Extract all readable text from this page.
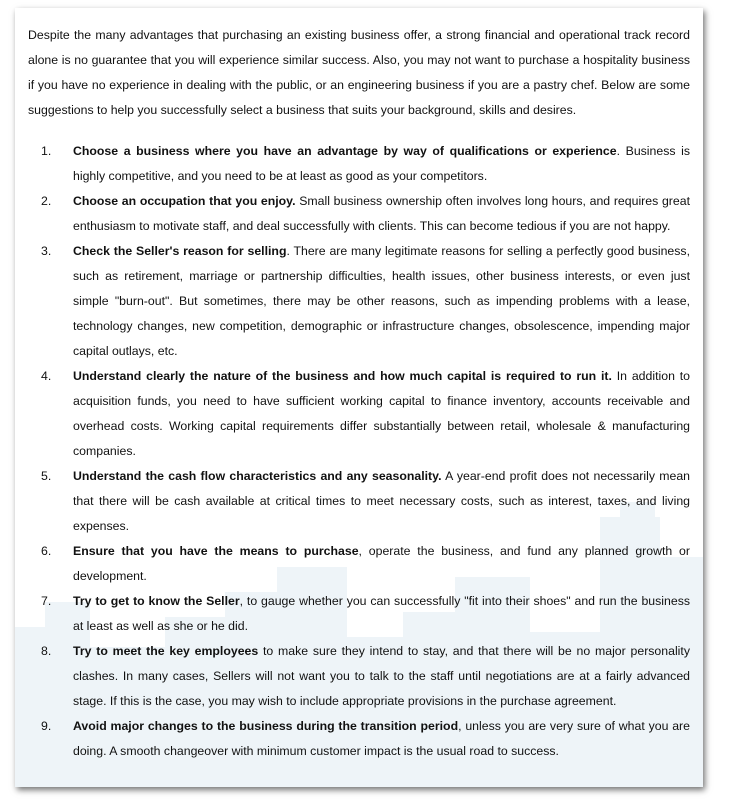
Despite the many advantages that purchasing an existing business offer, a strong financial and operational track record alone is no guarantee that you will experience similar success. Also, you may not want to purchase a hospitality business if you have no experience in dealing with the public, or an engineering business if you are a pastry chef. Below are some suggestions to help you successfully select a business that suits your background, skills and desires.

1. Choose a business where you have an advantage by way of qualifications or experience. Business is highly competitive, and you need to be at least as good as your competitors.
2. Choose an occupation that you enjoy. Small business ownership often involves long hours, and requires great enthusiasm to motivate staff, and deal successfully with clients. This can become tedious if you are not happy.
3. Check the Seller's reason for selling. There are many legitimate reasons for selling a perfectly good business, such as retirement, marriage or partnership difficulties, health issues, other business interests, or even just simple "burn-out". But sometimes, there may be other reasons, such as impending problems with a lease, technology changes, new competition, demographic or infrastructure changes, obsolescence, impending major capital outlays, etc.
4. Understand clearly the nature of the business and how much capital is required to run it. In addition to acquisition funds, you need to have sufficient working capital to finance inventory, accounts receivable and overhead costs. Working capital requirements differ substantially between retail, wholesale & manufacturing companies.
5. Understand the cash flow characteristics and any seasonality. A year-end profit does not necessarily mean that there will be cash available at critical times to meet necessary costs, such as interest, taxes, and living expenses.
6. Ensure that you have the means to purchase, operate the business, and fund any planned growth or development.
7. Try to get to know the Seller, to gauge whether you can successfully "fit into their shoes" and run the business at least as well as she or he did.
8. Try to meet the key employees to make sure they intend to stay, and that there will be no major personality clashes. In many cases, Sellers will not want you to talk to the staff until negotiations are at a fairly advanced stage. If this is the case, you may wish to include appropriate provisions in the purchase agreement.
9. Avoid major changes to the business during the transition period, unless you are very sure of what you are doing. A smooth changeover with minimum customer impact is the usual road to success.
